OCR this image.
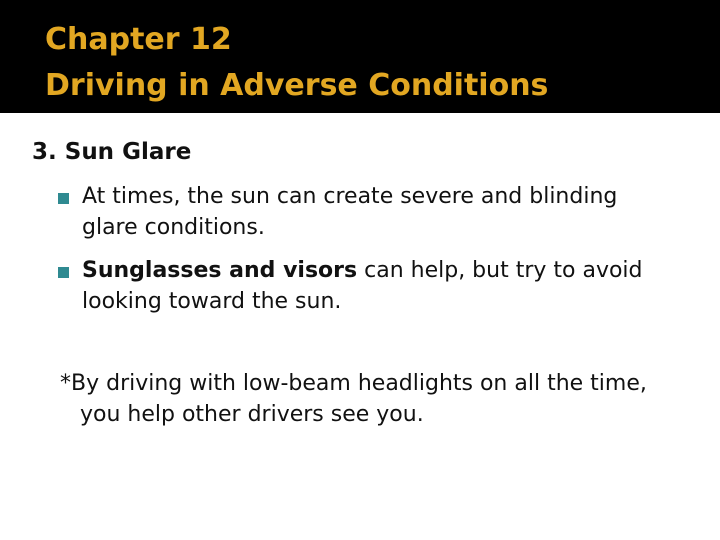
Chapter 12
Driving in Adverse Conditions
3. Sun Glare
At times, the sun can create severe and blinding glare conditions.
Sunglasses and visors can help, but try to avoid looking toward the sun.
*By driving with low-beam headlights on all the time,
you help other drivers see you.
